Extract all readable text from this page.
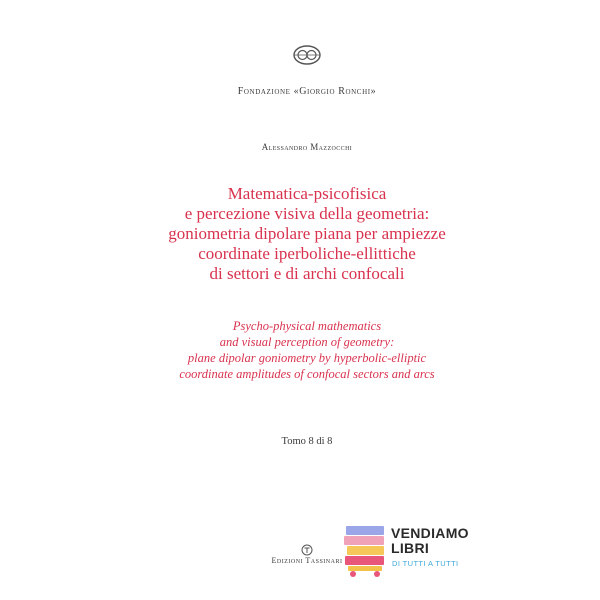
Fondazione «Giorgio Ronchi»
Alessandro Mazzocchi
Matematica-psicofisica
e percezione visiva della geometria:
goniometria dipolare piana per ampiezze
coordinate iperboliche-ellittiche
di settori e di archi confocali
Psycho-physical mathematics
and visual perception of geometry:
plane dipolar goniometry by hyperbolic-elliptic
coordinate amplitudes of confocal sectors and arcs
Tomo 8 di 8
Edizioni Tassinari
VENDIAMO
LIBRI
DI TUTTI A TUTTI
